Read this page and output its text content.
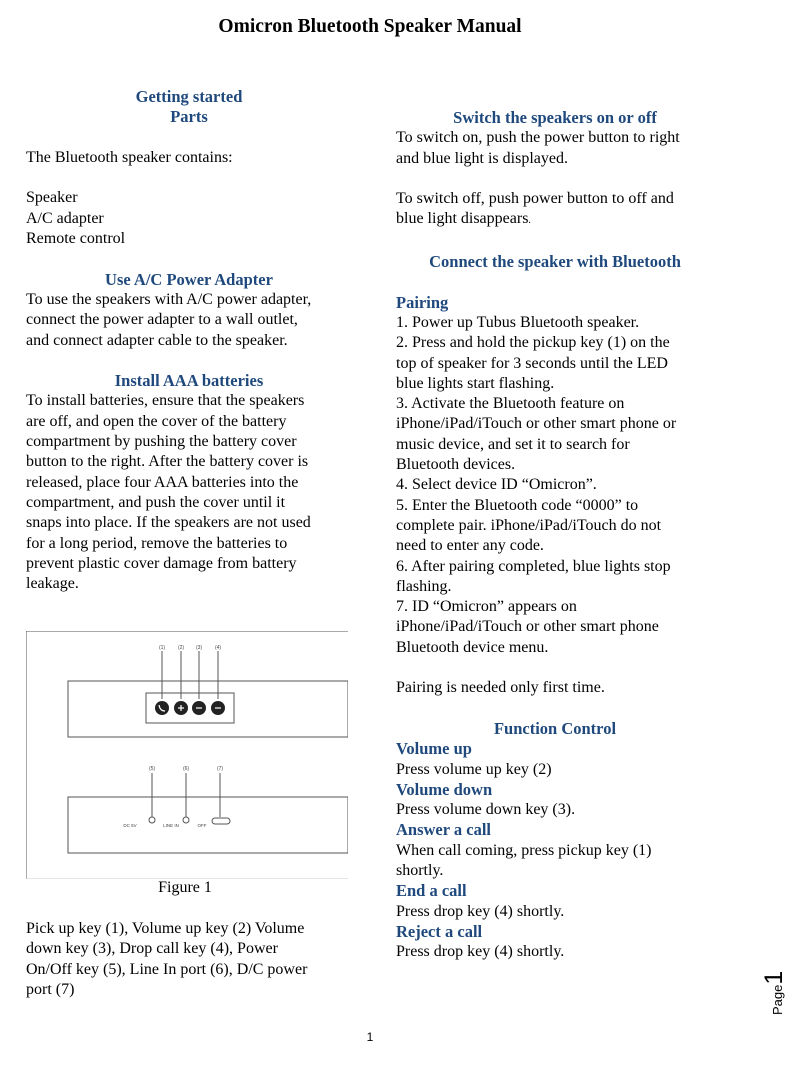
Omicron Bluetooth Speaker Manual

Getting started

Parts

The Bluetooth speaker contains:

Speaker

A/C adapter

Remote control

Use A/C Power Adapter

To use the speakers with A/C power adapter,

connect the power adapter to a wall outlet,

and connect adapter cable to the speaker.

Install AAA batteries

To install batteries, ensure that the speakers

are off, and open the cover of the battery

compartment by pushing the battery cover

button to the right. After the battery cover is

released, place four AAA batteries into the

compartment, and push the cover until it

snaps into place. If the speakers are not used

for a long period, remove the batteries to

prevent plastic cover damage from battery

leakage.

(1)	(2) (3)	(4)
(5)	(6)	(7)
DC 5V	LINE IN	OFF
Figure 1

Pick up key (1), Volume up key (2) Volume

down key (3), Drop call key (4), Power

On/Off key (5), Line In port (6), D/C power

port (7)

Switch the speakers on or off

To switch on, push the power button to right

and blue light is displayed.

To switch off, push power button to off and

blue light disappears.

Connect the speaker with Bluetooth

Pairing

1. Power up Tubus Bluetooth speaker.

2. Press and hold the pickup key (1) on the

top of speaker for 3 seconds until the LED

blue lights start flashing.

3. Activate the Bluetooth feature on

iPhone/iPad/iTouch or other smart phone or

music device, and set it to search for

Bluetooth devices.

4. Select device ID “Omicron”.

5. Enter the Bluetooth code “0000” to

complete pair. iPhone/iPad/iTouch do not

need to enter any code.

6. After pairing completed, blue lights stop

flashing.

7. ID “Omicron” appears on

iPhone/iPad/iTouch or other smart phone

Bluetooth device menu.

Pairing is needed only first time.

Function Control

Volume up

Press volume up key (2)

Volume down

Press volume down key (3).

Answer a call

When call coming, press pickup key (1)

shortly.

End a call

Press drop key (4) shortly.

Reject a call

Press drop key (4) shortly.

Page1
1
